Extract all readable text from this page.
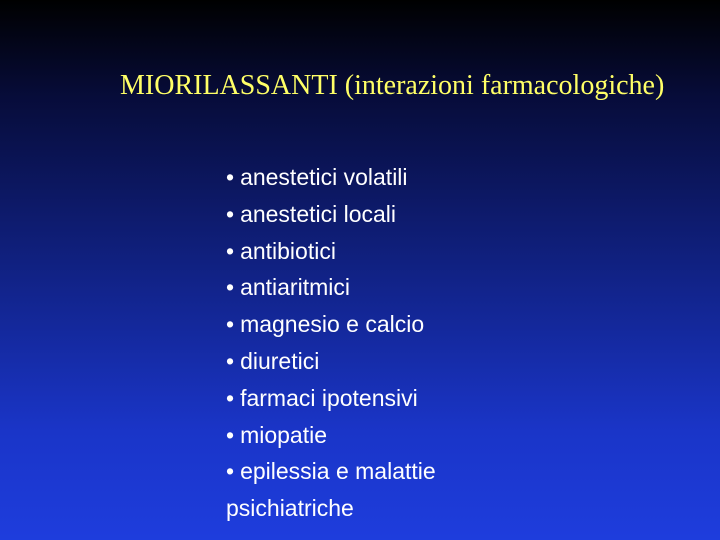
MIORILASSANTI (interazioni farmacologiche)
• anestetici volatili
• anestetici locali
• antibiotici
• antiaritmici
• magnesio e calcio
• diuretici
• farmaci ipotensivi
• miopatie
• epilessia e malattie
psichiatriche
